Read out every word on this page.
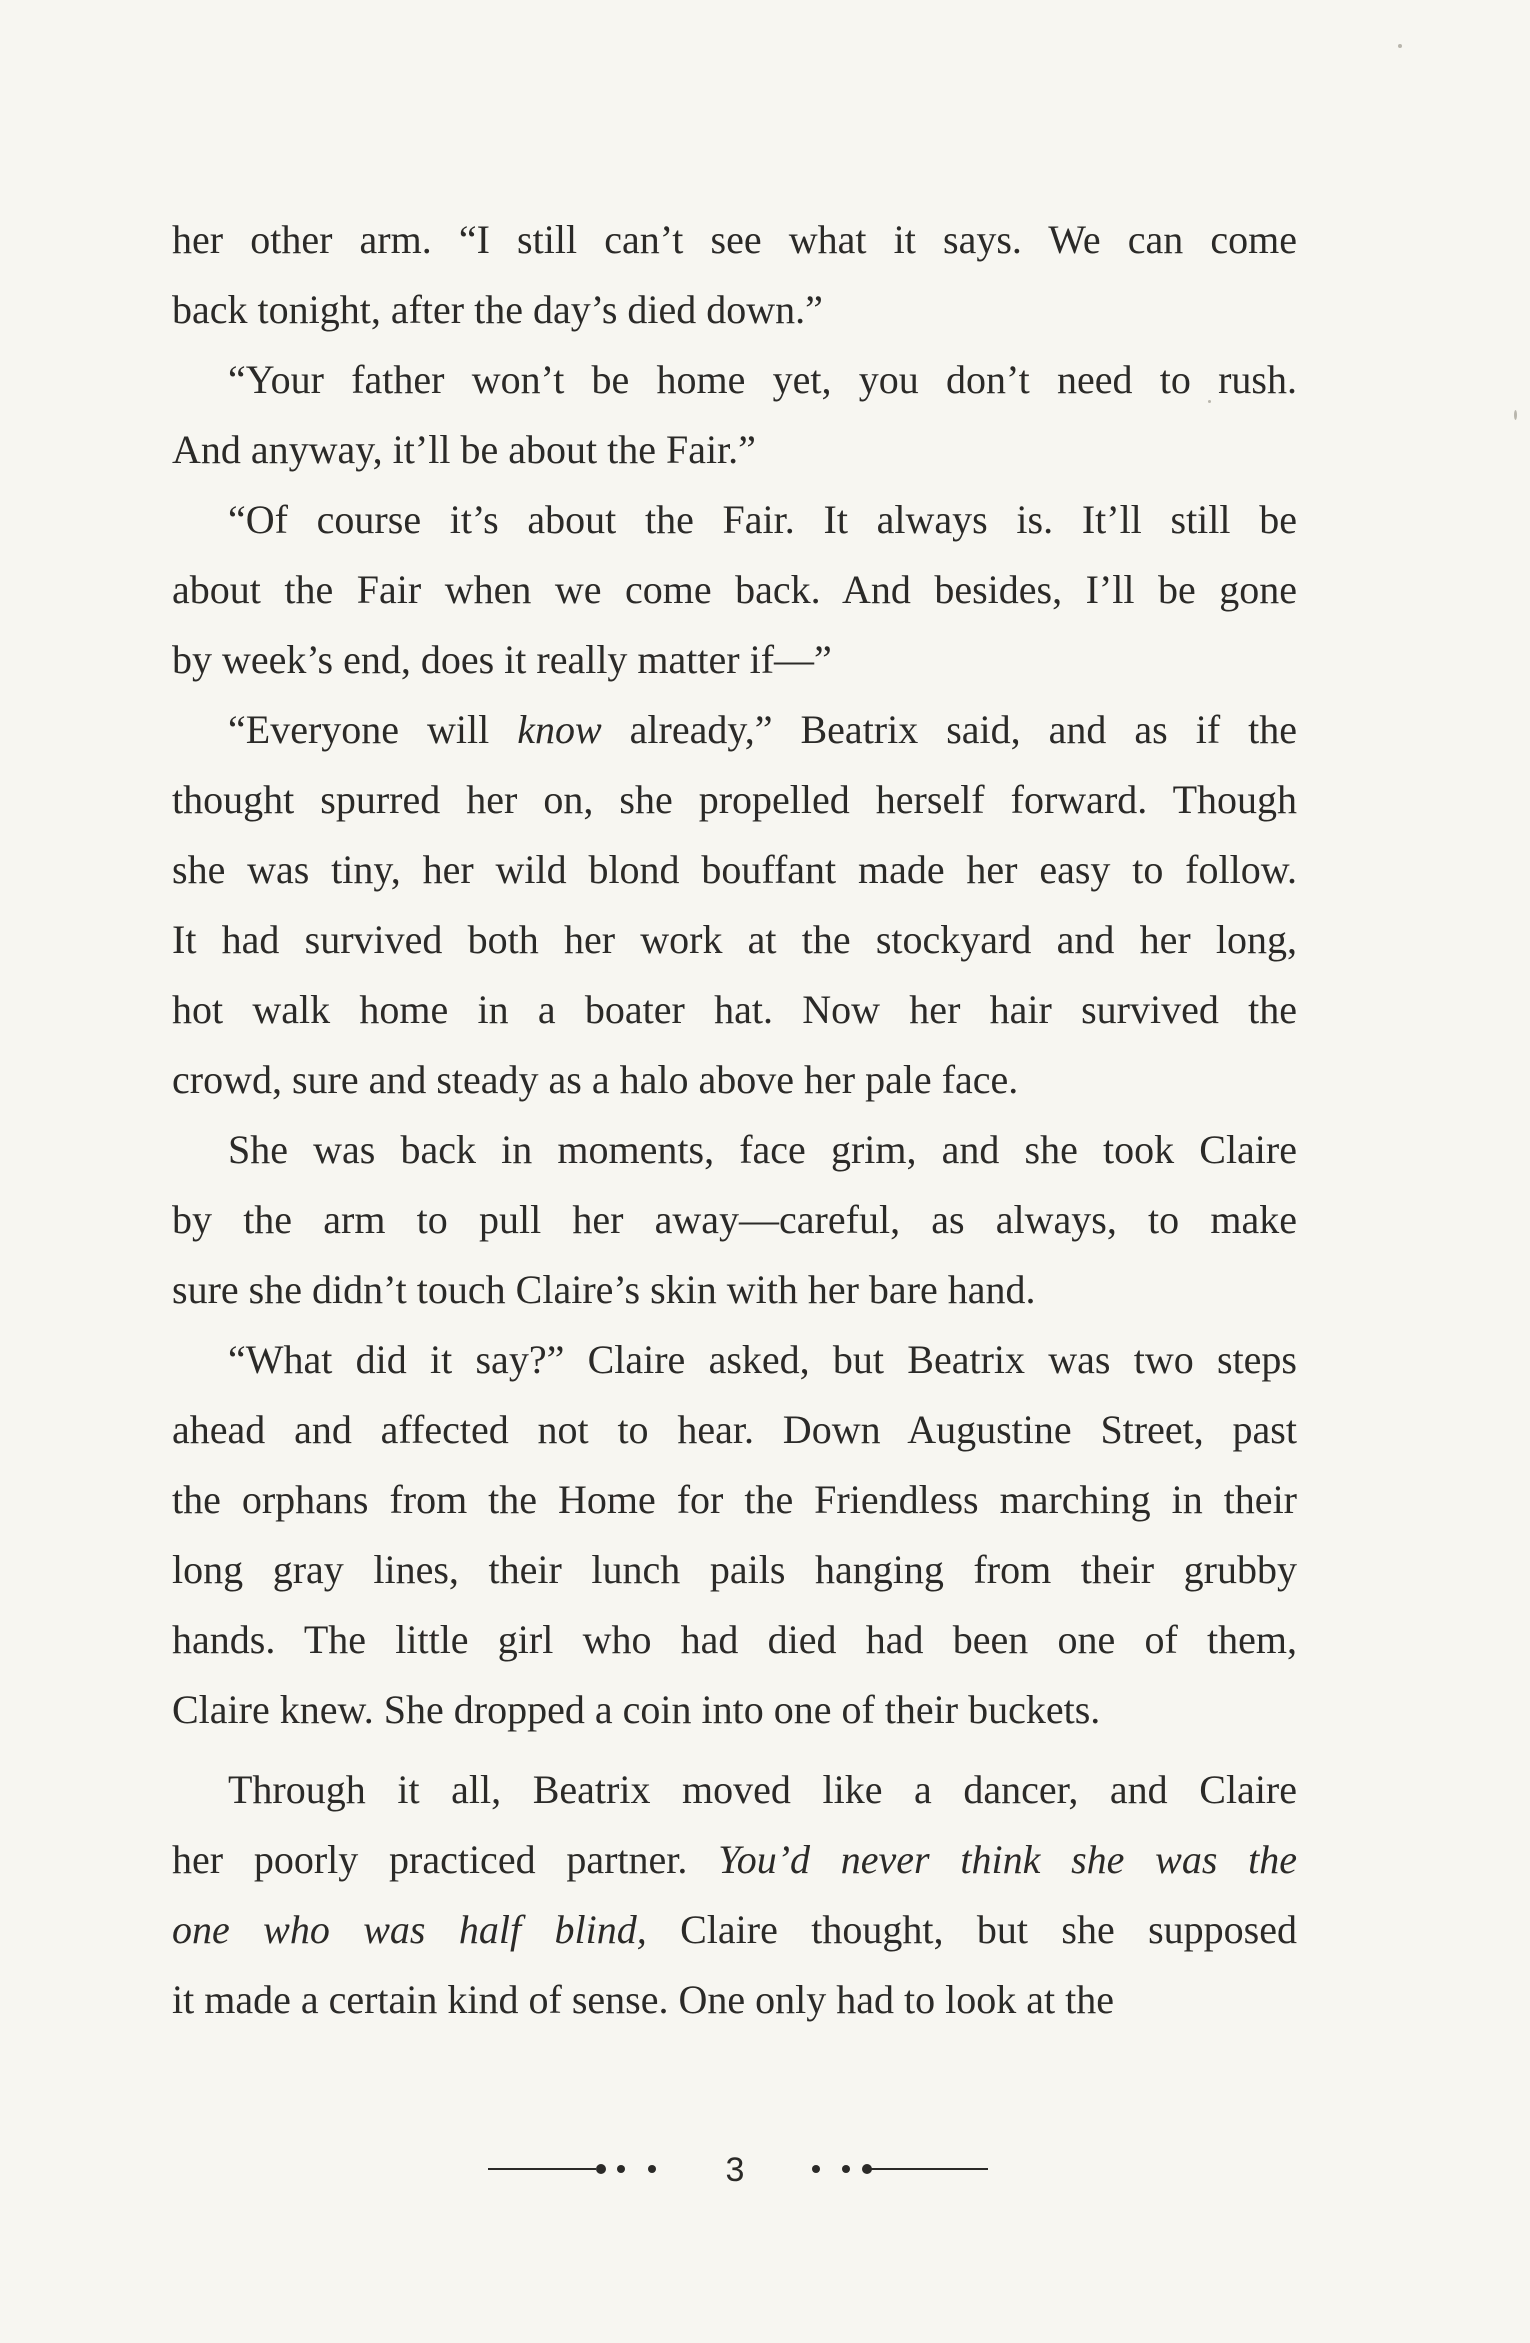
her other arm. “I still can’t see what it says. We can come

back tonight, after the day’s died down.”

“Your father won’t be home yet, you don’t need to rush.

And anyway, it’ll be about the Fair.”

“Of course it’s about the Fair. It always is. It’ll still be

about the Fair when we come back. And besides, I’ll be gone

by week’s end, does it really matter if—”

“Everyone will know already,” Beatrix said, and as if the

thought spurred her on, she propelled herself forward. Though

she was tiny, her wild blond bouffant made her easy to follow.

It had survived both her work at the stockyard and her long,

hot walk home in a boater hat. Now her hair survived the

crowd, sure and steady as a halo above her pale face.

She was back in moments, face grim, and she took Claire

by the arm to pull her away—careful, as always, to make

sure she didn’t touch Claire’s skin with her bare hand.

“What did it say?” Claire asked, but Beatrix was two steps

ahead and affected not to hear. Down Augustine Street, past

the orphans from the Home for the Friendless marching in their

long gray lines, their lunch pails hanging from their grubby

hands. The little girl who had died had been one of them,

Claire knew. She dropped a coin into one of their buckets.

Through it all, Beatrix moved like a dancer, and Claire

her poorly practiced partner. You’d never think she was the

one who was half blind, Claire thought, but she supposed

it made a certain kind of sense. One only had to look at the

3
